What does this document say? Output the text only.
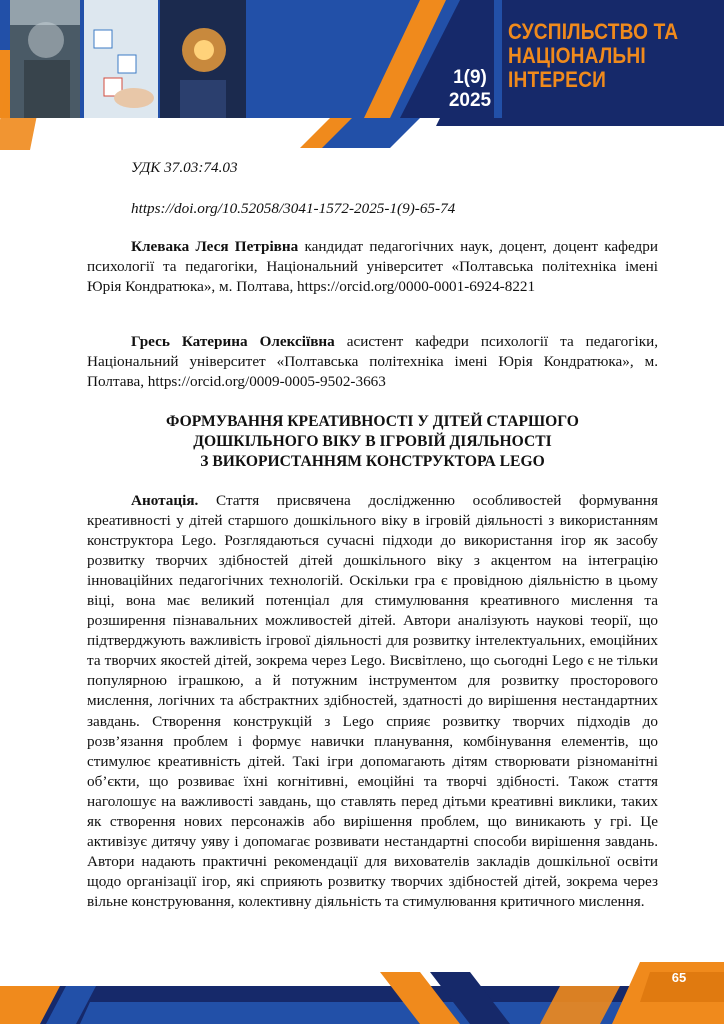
1(9)
2025
СУСПІЛЬСТВО ТА
НАЦІОНАЛЬНІ
ІНТЕРЕСИ
УДК 37.03:74.03
https://doi.org/10.52058/3041-1572-2025-1(9)-65-74
Клевака Леся Петрівна кандидат педагогічних наук, доцент, доцент кафедри психології та педагогіки, Національний університет «Полтавська політехніка імені Юрія Кондратюка», м. Полтава, https://orcid.org/0000-0001-6924-8221
Гресь Катерина Олексіївна асистент кафедри психології та педагогіки, Національний університет «Полтавська політехніка імені Юрія Кондратюка», м. Полтава, https://orcid.org/0009-0005-9502-3663
ФОРМУВАННЯ КРЕАТИВНОСТІ У ДІТЕЙ СТАРШОГО
ДОШКІЛЬНОГО ВІКУ В ІГРОВІЙ ДІЯЛЬНОСТІ
З ВИКОРИСТАННЯМ КОНСТРУКТОРА LEGO
Анотація. Стаття присвячена дослідженню особливостей формування креативності у дітей старшого дошкільного віку в ігровій діяльності з використанням конструктора Lego. Розглядаються сучасні підходи до використання ігор як засобу розвитку творчих здібностей дітей дошкільного віку з акцентом на інтеграцію інноваційних педагогічних технологій. Оскільки гра є провідною діяльністю в цьому віці, вона має великий потенціал для стимулювання креативного мислення та розширення пізнавальних можливостей дітей. Автори аналізують наукові теорії, що підтверджують важливість ігрової діяльності для розвитку інтелектуальних, емоційних та творчих якостей дітей, зокрема через Lego. Висвітлено, що сьогодні Lego є не тільки популярною іграшкою, а й потужним інструментом для розвитку просторового мислення, логічних та абстрактних здібностей, здатності до вирішення нестандартних завдань. Створення конструкцій з Lego сприяє розвитку творчих підходів до розв’язання проблем і формує навички планування, комбінування елементів, що стимулює креативність дітей. Такі ігри допомагають дітям створювати різноманітні об’єкти, що розвиває їхні когнітивні, емоційні та творчі здібності. Також стаття наголошує на важливості завдань, що ставлять перед дітьми креативні виклики, таких як створення нових персонажів або вирішення проблем, що виникають у грі. Це активізує дитячу уяву і допомагає розвивати нестандартні способи вирішення завдань. Автори надають практичні рекомендації для вихователів закладів дошкільної освіти щодо організації ігор, які сприяють розвитку творчих здібностей дітей, зокрема через вільне конструювання, колективну діяльність та стимулювання критичного мислення.
65
